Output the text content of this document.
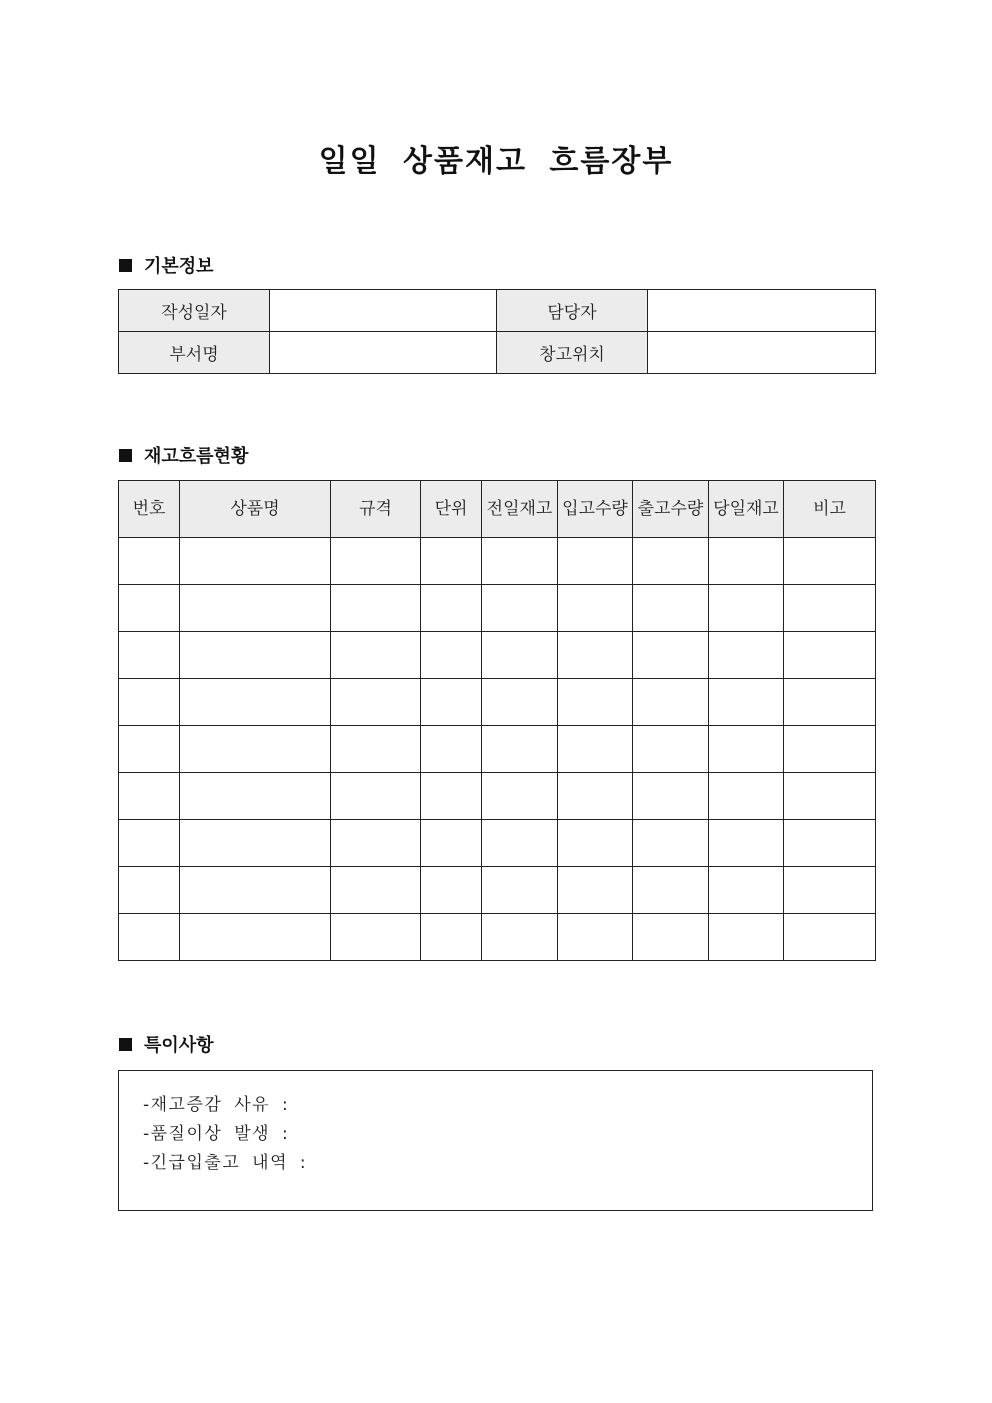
일일 상품재고 흐름장부
기본정보
작성일자		담당자	
부서명		창고위치	
재고흐름현황
번호	상품명	규격	단위	전일재고	입고수량	출고수량	당일재고	비고

특이사항
-재고증감 사유 :
-품질이상 발생 :
-긴급입출고 내역 :
